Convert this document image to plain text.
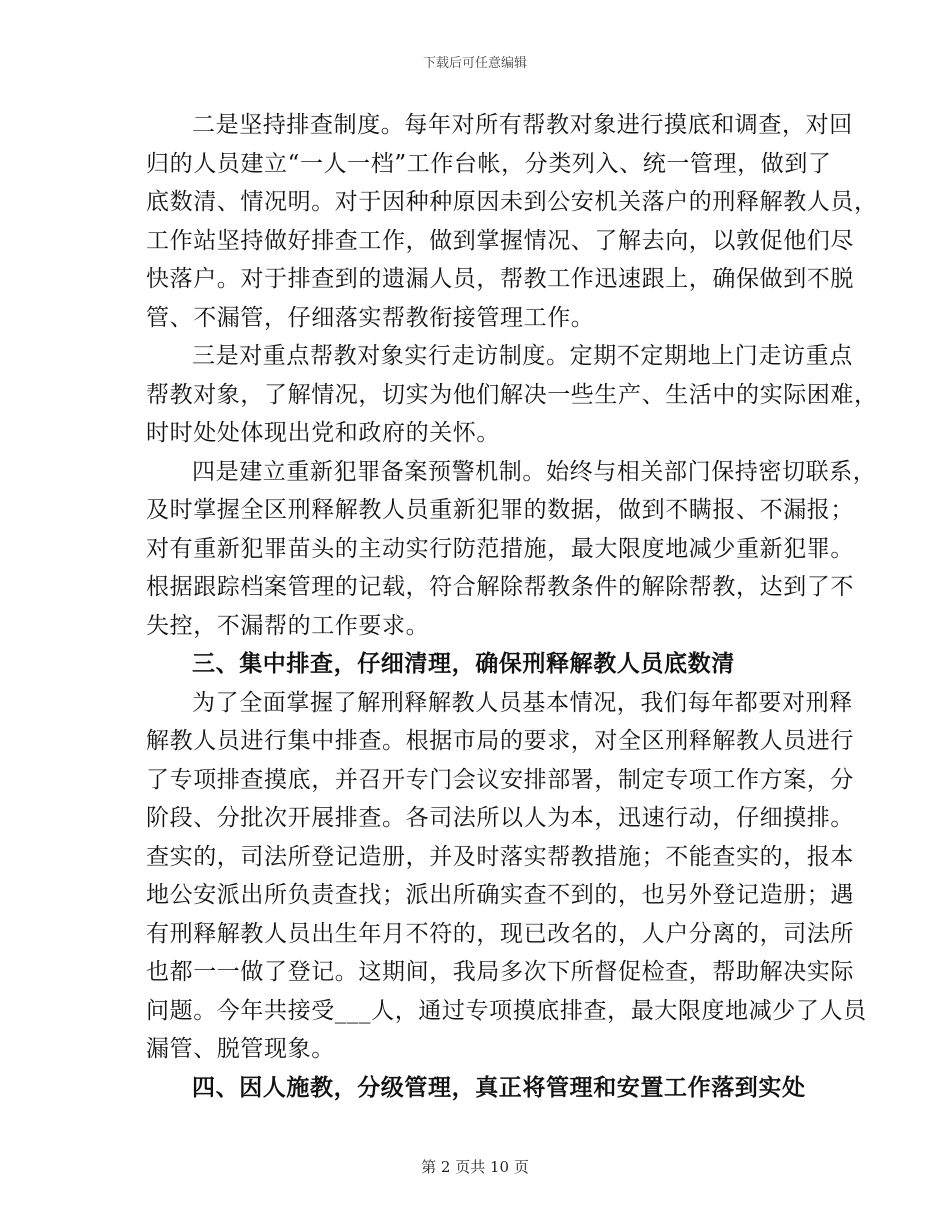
下载后可任意编辑
二是坚持排查制度。每年对所有帮教对象进行摸底和调查，对回
归的人员建立“一人一档”工作台帐，分类列入、统一管理，做到了
底数清、情况明。对于因种种原因未到公安机关落户的刑释解教人员，
工作站坚持做好排查工作，做到掌握情况、了解去向，以敦促他们尽
快落户。对于排查到的遗漏人员，帮教工作迅速跟上，确保做到不脱
管、不漏管，仔细落实帮教衔接管理工作。
三是对重点帮教对象实行走访制度。定期不定期地上门走访重点
帮教对象，了解情况，切实为他们解决一些生产、生活中的实际困难，
时时处处体现出党和政府的关怀。
四是建立重新犯罪备案预警机制。始终与相关部门保持密切联系，
及时掌握全区刑释解教人员重新犯罪的数据，做到不瞒报、不漏报；
对有重新犯罪苗头的主动实行防范措施，最大限度地减少重新犯罪。
根据跟踪档案管理的记载，符合解除帮教条件的解除帮教，达到了不
失控，不漏帮的工作要求。
三、集中排查，仔细清理，确保刑释解教人员底数清
为了全面掌握了解刑释解教人员基本情况，我们每年都要对刑释
解教人员进行集中排查。根据市局的要求，对全区刑释解教人员进行
了专项排查摸底，并召开专门会议安排部署，制定专项工作方案，分
阶段、分批次开展排查。各司法所以人为本，迅速行动，仔细摸排。
查实的，司法所登记造册，并及时落实帮教措施；不能查实的，报本
地公安派出所负责查找；派出所确实查不到的，也另外登记造册；遇
有刑释解教人员出生年月不符的，现已改名的，人户分离的，司法所
也都一一做了登记。这期间，我局多次下所督促检查，帮助解决实际
问题。今年共接受___人，通过专项摸底排查，最大限度地减少了人员
漏管、脱管现象。
四、因人施教，分级管理，真正将管理和安置工作落到实处
第 2 页共 10 页
